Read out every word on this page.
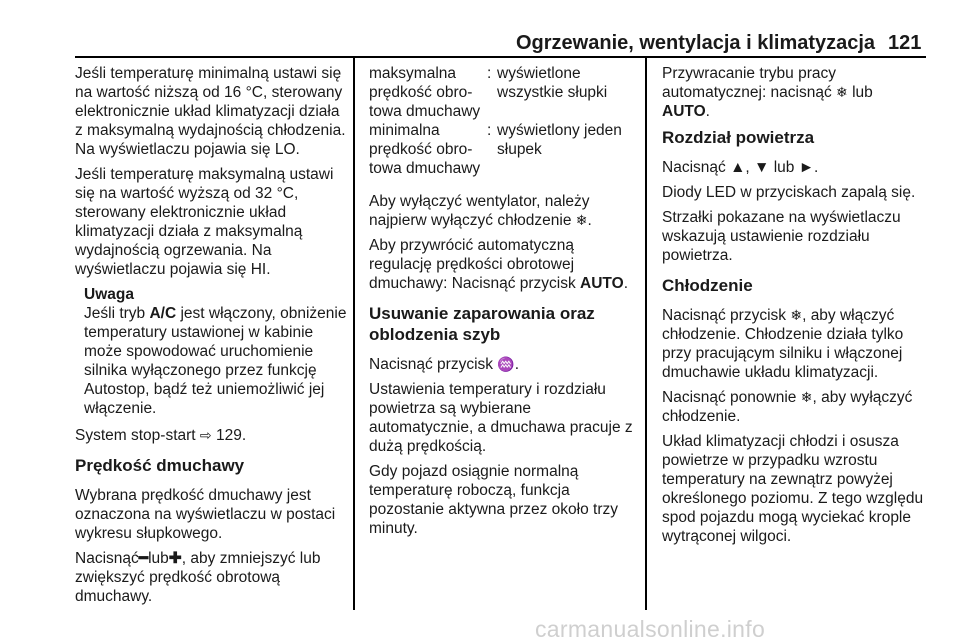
Ogrzewanie, wentylacja i klimatyzacja 121

Jeśli temperaturę minimalną ustawi się na wartość niższą od 16 °C, sterowany elektronicznie układ klimatyzacji działa z maksymalną wydajnością chłodzenia. Na wyświetlaczu pojawia się LO.

Jeśli temperaturę maksymalną ustawi się na wartość wyższą od 32 °C, sterowany elektronicznie układ klimatyzacji działa z maksymalną wydajnością ogrzewania. Na wyświetlaczu pojawia się HI.

Uwaga
Jeśli tryb A/C jest włączony, obniżenie temperatury ustawionej w kabinie może spowodować uruchomienie silnika wyłączonego przez funkcję Autostop, bądź też uniemożliwić jej włączenie.

System stop-start ⇨ 129.

Prędkość dmuchawy

Wybrana prędkość dmuchawy jest oznaczona na wyświetlaczu w postaci wykresu słupkowego.

Nacisnąć━lub✚, aby zmniejszyć lub zwiększyć prędkość obrotową dmuchawy.

maksymalna prędkość obrotowa dmuchawy
: wyświetlone wszystkie słupki
minimalna prędkość obrotowa dmuchawy
: wyświetlony jeden słupek

Aby wyłączyć wentylator, należy najpierw wyłączyć chłodzenie ❄.

Aby przywrócić automatyczną regulację prędkości obrotowej dmuchawy: Nacisnąć przycisk AUTO.

Usuwanie zaparowania oraz oblodzenia szyb

Nacisnąć przycisk ♒.

Ustawienia temperatury i rozdziału powietrza są wybierane automatycznie, a dmuchawa pracuje z dużą prędkością.

Gdy pojazd osiągnie normalną temperaturę roboczą, funkcja pozostanie aktywna przez około trzy minuty.

Przywracanie trybu pracy automatycznej: nacisnąć ❄ lub
AUTO.

Rozdział powietrza

Nacisnąć ▲, ▼ lub ►.

Diody LED w przyciskach zapalą się.

Strzałki pokazane na wyświetlaczu wskazują ustawienie rozdziału powietrza.

Chłodzenie

Nacisnąć przycisk ❄, aby włączyć chłodzenie. Chłodzenie działa tylko przy pracującym silniku i włączonej dmuchawie układu klimatyzacji.

Nacisnąć ponownie ❄, aby wyłączyć chłodzenie.

Układ klimatyzacji chłodzi i osusza powietrze w przypadku wzrostu temperatury na zewnątrz powyżej określonego poziomu. Z tego względu spod pojazdu mogą wyciekać krople wytrąconej wilgoci.

carmanualsonline.info
